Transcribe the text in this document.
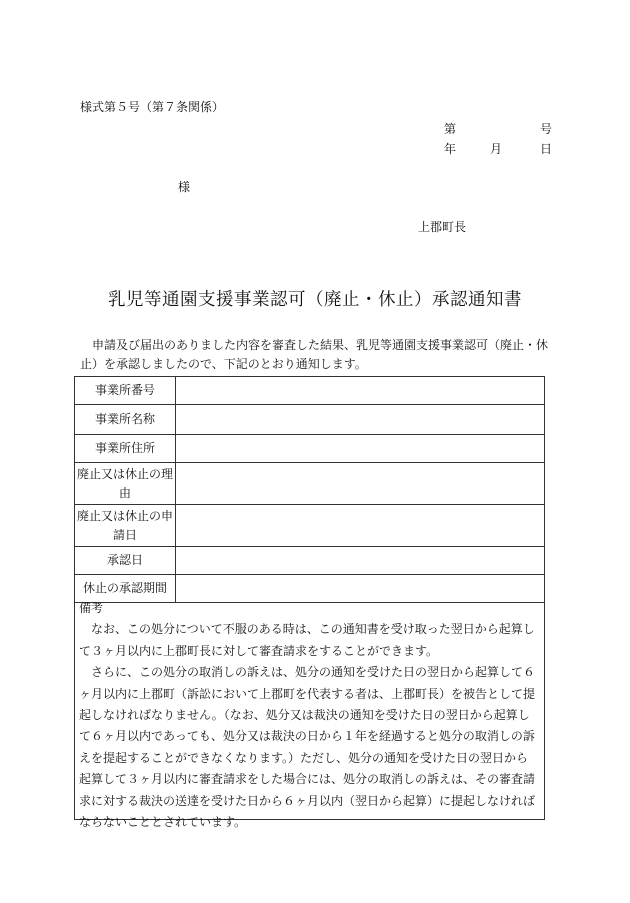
様式第５号（第７条関係）
第	号
年	月	日
様
上郡町長
乳児等通園支援事業認可（廃止・休止）承認通知書
申請及び届出のありました内容を審査した結果、乳児等通園支援事業認可（廃止・休止）を承認しましたので、下記のとおり通知します。
事業所番号	
事業所名称	
事業所住所	
廃止又は休止の理由	
廃止又は休止の申請日	
承認日	
休止の承認期間	

備考

なお、この処分について不服のある時は、この通知書を受け取った翌日から起算して３ヶ月以内に上郡町長に対して審査請求をすることができます。

さらに、この処分の取消しの訴えは、処分の通知を受けた日の翌日から起算して６ヶ月以内に上郡町（訴訟において上郡町を代表する者は、上郡町長）を被告として提起しなければなりません。（なお、処分又は裁決の通知を受けた日の翌日から起算して６ヶ月以内であっても、処分又は裁決の日から１年を経過すると処分の取消しの訴えを提起することができなくなります。）ただし、処分の通知を受けた日の翌日から起算して３ヶ月以内に審査請求をした場合には、処分の取消しの訴えは、その審査請求に対する裁決の送達を受けた日から６ヶ月以内（翌日から起算）に提起しなければならないこととされています。
